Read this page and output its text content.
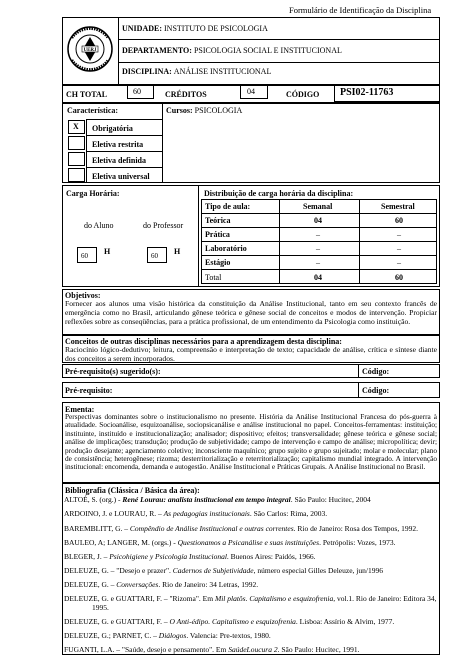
Formulário de Identificação da Disciplina
UERJ
UNIDADE: INSTITUTO DE PSICOLOGIA
DEPARTAMENTO: PSICOLOGIA SOCIAL E INSTITUCIONAL
DISCIPLINA: ANÁLISE INSTITUCIONAL
CH TOTAL	60	CRÉDITOS	04	CÓDIGO PSI02-11763
Característica:	Cursos: PSICOLOGIA
X Obrigatória
Eletiva restrita
Eletiva definida
Eletiva universal
Carga Horária:
do Aluno	do Professor
60 H	60 H
Distribuição de carga horária da disciplina:
Tipo de aula:	Semanal	Semestral
Teórica	04	60
Prática	–	–
Laboratório	–	–
Estágio	–	–
Total	04	60
Objetivos:
Fornecer aos alunos uma visão histórica da constituição da Análise Institucional, tanto em seu contexto francês de emergência como no Brasil, articulando gênese teórica e gênese social de conceitos e modos de intervenção. Propiciar reflexões sobre as conseqüências, para a prática profissional, de um entendimento da Psicologia como instituição.
Conceitos de outras disciplinas necessários para a aprendizagem desta disciplina:
Raciocínio lógico-dedutivo; leitura, compreensão e interpretação de texto; capacidade de análise, crítica e síntese diante dos conceitos a serem incorporados.
Pré-requisito(s) sugerido(s):	Código:
Pré-requisito:	Código:
Ementa:
Perspectivas dominantes sobre o institucionalismo no presente. História da Análise Institucional Francesa do pós-guerra à atualidade. Socioanálise, esquizoanálise, sociopsicanálise e análise institucional no papel. Conceitos-ferramentas: instituição; instituinte, instituído e institucionalização; analisador; dispositivo; efeitos; transversalidade; gênese teórica e gênese social; análise de implicações; transdução; produção de subjetividade; campo de intervenção e campo de análise; micropolítica; devir; produção desejante; agenciamento coletivo; inconsciente maquínico; grupo sujeito e grupo sujeitado; molar e molecular; plano de consistência; heterogênese; rizoma; desterritorialização e reterritorialização; capitalismo mundial integrado. A intervenção institucional: encomenda, demanda e autogestão. Análise Institucional e Práticas Grupais. A Análise Institucional no Brasil.
Bibliografia (Clássica / Básica da área):
ALTOÉ, S. (org.) - René Lourau: analista institucional em tempo integral. São Paulo: Hucitec, 2004
ARDOINO, J. e LOURAU, R. – As pedagogias institucionais. São Carlos: Rima, 2003.
BAREMBLITT, G. – Compêndio de Análise Institucional e outras correntes. Rio de Janeiro: Rosa dos Tempos, 1992.
BAULEO, A; LANGER, M. (orgs.) - Questionamos a Psicanálise e suas instituições. Petrópolis: Vozes, 1973.
BLEGER, J. – Psicohigiene y Psicología Institucional. Buenos Aires: Paidós, 1966.
DELEUZE, G. – "Desejo e prazer". Cadernos de Subjetividade, número especial Gilles Deleuze, jun/1996
DELEUZE, G. – Conversações. Rio de Janeiro: 34 Letras, 1992.
DELEUZE, G. e GUATTARI, F. – "Rizoma". Em Mil platôs. Capitalismo e esquizofrenia, vol.1. Rio de Janeiro: Editora 34,
1995.
DELEUZE, G. e GUATTARI, F. – O Anti-édipo. Capitalismo e esquizofrenia. Lisboa: Assírio & Alvim, 1977.
DELEUZE, G.; PARNET, C. – Diálogos. Valencia: Pre-textos, 1980.
FUGANTI, L.A. – "Saúde, desejo e pensamento". Em SaúdeLoucura 2. São Paulo: Hucitec, 1991.
